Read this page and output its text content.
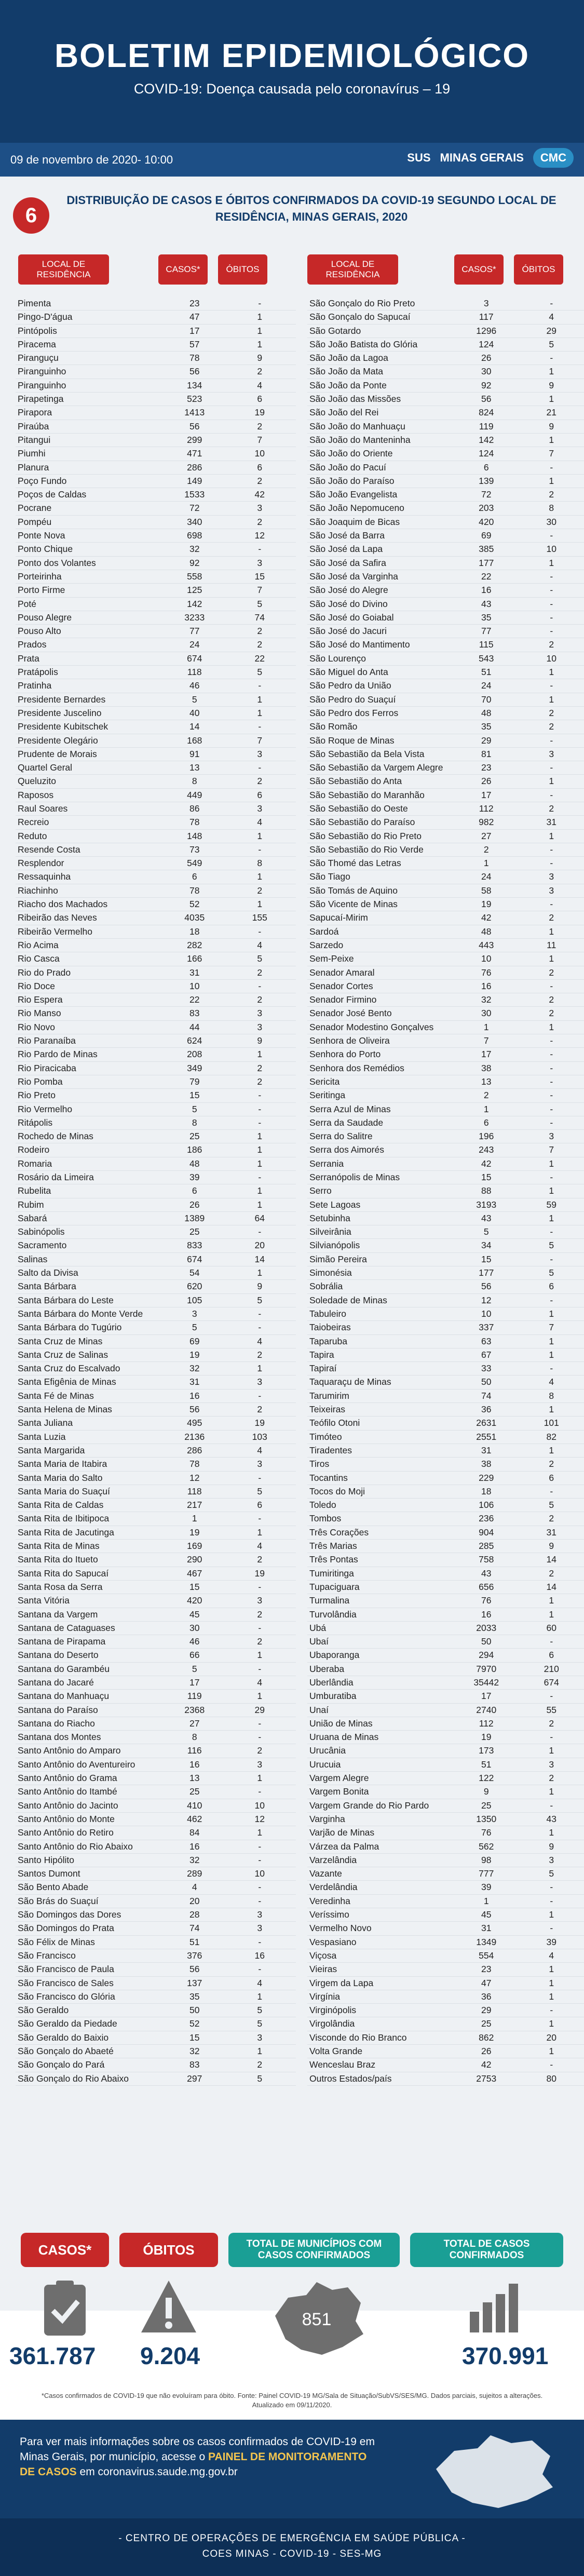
BOLETIM EPIDEMIOLÓGICO
COVID-19: Doença causada pelo coronavírus – 19
09 de novembro de 2020- 10:00	SUS MINAS GERAIS	CMC
6
DISTRIBUIÇÃO DE CASOS E ÓBITOS CONFIRMADOS DA COVID-19 SEGUNDO LOCAL DE RESIDÊNCIA, MINAS GERAIS, 2020
LOCAL DE RESIDÊNCIA
CASOS*	ÓBITOS
LOCAL DE RESIDÊNCIA
CASOS*	ÓBITOS
Pimenta	23	-
Pingo-D'água	47	1
Pintópolis	17	1
Piracema	57	1
Piranguçu	78	9
Piranguinho	56	2
Piranguinho	134	4
Pirapetinga	523	6
Pirapora	1413	19
Piraúba	56	2
Pitangui	299	7
Piumhi	471	10
Planura	286	6
Poço Fundo	149	2
Poços de Caldas	1533	42
Pocrane	72	3
Pompéu	340	2
Ponte Nova	698	12
Ponto Chique	32	-
Ponto dos Volantes	92	3
Porteirinha	558	15
Porto Firme	125	7
Poté	142	5
Pouso Alegre	3233	74
Pouso Alto	77	2
Prados	24	2
Prata	674	22
Pratápolis	118	5
Pratinha	46	-
Presidente Bernardes	5	1
Presidente Juscelino	40	1
Presidente Kubitschek	14	-
Presidente Olegário	168	7
Prudente de Morais	91	3
Quartel Geral	13	-
Queluzito	8	2
Raposos	449	6
Raul Soares	86	3
Recreio	78	4
Reduto	148	1
Resende Costa	73	-
Resplendor	549	8
Ressaquinha	6	1
Riachinho	78	2
Riacho dos Machados	52	1
Ribeirão das Neves	4035	155
Ribeirão Vermelho	18	-
Rio Acima	282	4
Rio Casca	166	5
Rio do Prado	31	2
Rio Doce	10	-
Rio Espera	22	2
Rio Manso	83	3
Rio Novo	44	3
Rio Paranaíba	624	9
Rio Pardo de Minas	208	1
Rio Piracicaba	349	2
Rio Pomba	79	2
Rio Preto	15	-
Rio Vermelho	5	-
Ritápolis	8	-
Rochedo de Minas	25	1
Rodeiro	186	1
Romaria	48	1
Rosário da Limeira	39	-
Rubelita	6	1
Rubim	26	1
Sabará	1389	64
Sabinópolis	25	-
Sacramento	833	20
Salinas	674	14
Salto da Divisa	54	1
Santa Bárbara	620	9
Santa Bárbara do Leste	105	5
Santa Bárbara do Monte Verde	3	-
Santa Bárbara do Tugúrio	5	-
Santa Cruz de Minas	69	4
Santa Cruz de Salinas	19	2
Santa Cruz do Escalvado	32	1
Santa Efigênia de Minas	31	3
Santa Fé de Minas	16	-
Santa Helena de Minas	56	2
Santa Juliana	495	19
Santa Luzia	2136	103
Santa Margarida	286	4
Santa Maria de Itabira	78	3
Santa Maria do Salto	12	-
Santa Maria do Suaçuí	118	5
Santa Rita de Caldas	217	6
Santa Rita de Ibitipoca	1	-
Santa Rita de Jacutinga	19	1
Santa Rita de Minas	169	4
Santa Rita do Itueto	290	2
Santa Rita do Sapucaí	467	19
Santa Rosa da Serra	15	-
Santa Vitória	420	3
Santana da Vargem	45	2
Santana de Cataguases	30	-
Santana de Pirapama	46	2
Santana do Deserto	66	1
Santana do Garambéu	5	-
Santana do Jacaré	17	4
Santana do Manhuaçu	119	1
Santana do Paraíso	2368	29
Santana do Riacho	27	-
Santana dos Montes	8	-
Santo Antônio do Amparo	116	2
Santo Antônio do Aventureiro	16	3
Santo Antônio do Grama	13	1
Santo Antônio do Itambé	25	-
Santo Antônio do Jacinto	410	10
Santo Antônio do Monte	462	12
Santo Antônio do Retiro	84	1
Santo Antônio do Rio Abaixo	16	-
Santo Hipólito	32	-
Santos Dumont	289	10
São Bento Abade	4	-
São Brás do Suaçuí	20	-
São Domingos das Dores	28	3
São Domingos do Prata	74	3
São Félix de Minas	51	-
São Francisco	376	16
São Francisco de Paula	56	-
São Francisco de Sales	137	4
São Francisco do Glória	35	1
São Geraldo	50	5
São Geraldo da Piedade	52	5
São Geraldo do Baixio	15	3
São Gonçalo do Abaeté	32	1
São Gonçalo do Pará	83	2
São Gonçalo do Rio Abaixo	297	5
São Gonçalo do Rio Preto	3	-
São Gonçalo do Sapucaí	117	4
São Gotardo	1296	29
São João Batista do Glória	124	5
São João da Lagoa	26	-
São João da Mata	30	1
São João da Ponte	92	9
São João das Missões	56	1
São João del Rei	824	21
São João do Manhuaçu	119	9
São João do Manteninha	142	1
São João do Oriente	124	7
São João do Pacuí	6	-
São João do Paraíso	139	1
São João Evangelista	72	2
São João Nepomuceno	203	8
São Joaquim de Bicas	420	30
São José da Barra	69	-
São José da Lapa	385	10
São José da Safira	177	1
São José da Varginha	22	-
São José do Alegre	16	-
São José do Divino	43	-
São José do Goiabal	35	-
São José do Jacuri	77	-
São José do Mantimento	115	2
São Lourenço	543	10
São Miguel do Anta	51	1
São Pedro da União	24	-
São Pedro do Suaçuí	70	1
São Pedro dos Ferros	48	2
São Romão	35	2
São Roque de Minas	29	-
São Sebastião da Bela Vista	81	3
São Sebastião da Vargem Alegre	23	-
São Sebastião do Anta	26	1
São Sebastião do Maranhão	17	-
São Sebastião do Oeste	112	2
São Sebastião do Paraíso	982	31
São Sebastião do Rio Preto	27	1
São Sebastião do Rio Verde	2	-
São Thomé das Letras	1	-
São Tiago	24	3
São Tomás de Aquino	58	3
São Vicente de Minas	19	-
Sapucaí-Mirim	42	2
Sardoá	48	1
Sarzedo	443	11
Sem-Peixe	10	1
Senador Amaral	76	2
Senador Cortes	16	-
Senador Firmino	32	2
Senador José Bento	30	2
Senador Modestino Gonçalves	1	1
Senhora de Oliveira	7	-
Senhora do Porto	17	-
Senhora dos Remédios	38	-
Sericita	13	-
Seritinga	2	-
Serra Azul de Minas	1	-
Serra da Saudade	6	-
Serra do Salitre	196	3
Serra dos Aimorés	243	7
Serrania	42	1
Serranópolis de Minas	15	-
Serro	88	1
Sete Lagoas	3193	59
Setubinha	43	1
Silveirânia	5	-
Silvianópolis	34	5
Simão Pereira	15	-
Simonésia	177	5
Sobrália	56	6
Soledade de Minas	12	-
Tabuleiro	10	1
Taiobeiras	337	7
Taparuba	63	1
Tapira	67	1
Tapiraí	33	-
Taquaraçu de Minas	50	4
Tarumirim	74	8
Teixeiras	36	1
Teófilo Otoni	2631	101
Timóteo	2551	82
Tiradentes	31	1
Tiros	38	2
Tocantins	229	6
Tocos do Moji	18	-
Toledo	106	5
Tombos	236	2
Três Corações	904	31
Três Marias	285	9
Três Pontas	758	14
Tumiritinga	43	2
Tupaciguara	656	14
Turmalina	76	1
Turvolândia	16	1
Ubá	2033	60
Ubaí	50	-
Ubaporanga	294	6
Uberaba	7970	210
Uberlândia	35442	674
Umburatiba	17	-
Unaí	2740	55
União de Minas	112	2
Uruana de Minas	19	-
Urucânia	173	1
Urucuia	51	3
Vargem Alegre	122	2
Vargem Bonita	9	1
Vargem Grande do Rio Pardo	25	-
Varginha	1350	43
Varjão de Minas	76	1
Várzea da Palma	562	9
Varzelândia	98	3
Vazante	777	5
Verdelândia	39	-
Veredinha	1	-
Veríssimo	45	1
Vermelho Novo	31	-
Vespasiano	1349	39
Viçosa	554	4
Vieiras	23	1
Virgem da Lapa	47	1
Virgínia	36	1
Virginópolis	29	-
Virgolândia	25	1
Visconde do Rio Branco	862	20
Volta Grande	26	1
Wenceslau Braz	42	-
Outros Estados/país	2753	80
CASOS*	ÓBITOS	TOTAL DE MUNICÍPIOS COM CASOS CONFIRMADOS
TOTAL DE CASOS CONFIRMADOS
361.787 9.204
851
370.991
*Casos confirmados de COVID-19 que não evoluíram para óbito. Fonte: Painel COVID-19 MG/Sala de Situação/SubVS/SES/MG. Dados parciais, sujeitos a alterações. Atualizado em 09/11/2020.

Para ver mais informações sobre os casos confirmados de COVID-19 em Minas Gerais, por município, acesse o PAINEL DE MONITORAMENTO DE CASOS em coronavirus.saude.mg.gov.br

- CENTRO DE OPERAÇÕES DE EMERGÊNCIA EM SAÚDE PÚBLICA -
COES MINAS - COVID-19 - SES-MG
